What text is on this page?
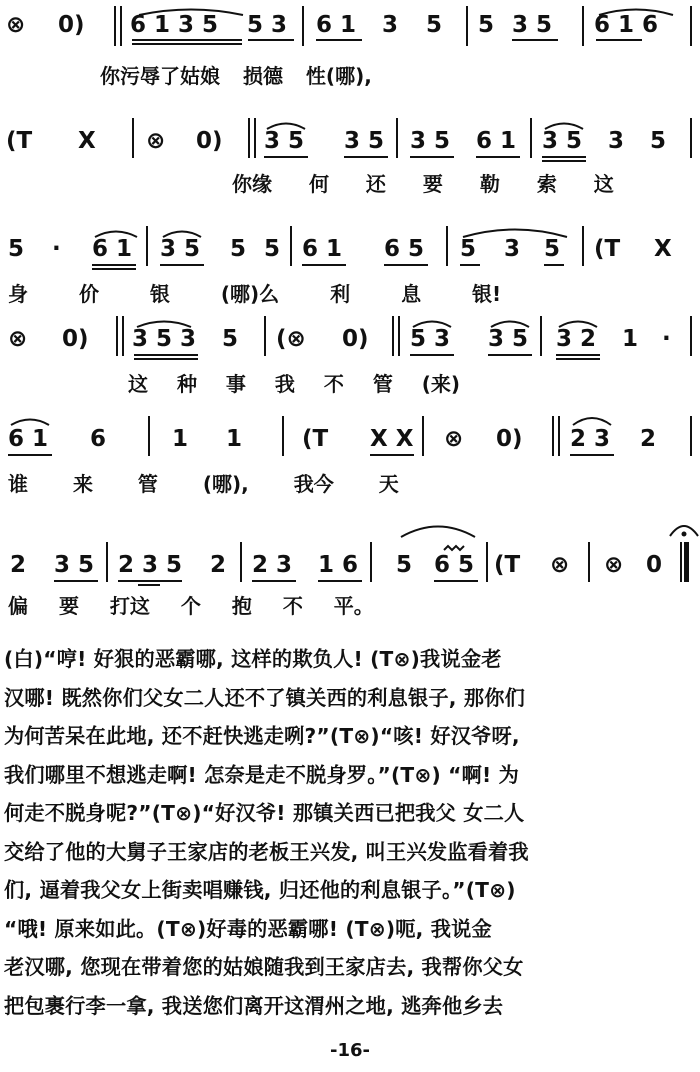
⊗ 0) 6 1 3 5 5 3 6 1 3 5 5 3 5 6 1 6
你污辱了姑娘 损德 性(哪),
(T X ⊗ 0) 3 5 3 5 3 5 6 1 3 5 3 5
你缘 何 还 要 勒 索 这
5 · 6 1 3 5 5 5 6 1 6 5 5 3 5 (T X
身 价 银 (哪)么 利 息 银!
⊗ 0) 3 5 3 5 (⊗ 0) 5 3 3 5 3 2 1 ·
这 种 事 我 不 管 (来)
6 1 6	1 1	(T X X ⊗ 0) 2 3 2
谁 来 管 (哪), 我今 天
2 3 5 2 3 5 2 2 3 1 6 5 6 5 (T ⊗ ⊗ 0
偏 要 打这 个 抱 不 平。
(白)“哼! 好狠的恶霸哪, 这样的欺负人! (T⊗)我说金老
汉哪! 既然你们父女二人还不了镇关西的利息银子, 那你们
为何苦呆在此地, 还不赶快逃走咧?”(T⊗)“咳! 好汉爷呀,
我们哪里不想逃走啊! 怎奈是走不脱身罗。”(T⊗) “啊! 为
何走不脱身呢?”(T⊗)“好汉爷! 那镇关西已把我父 女二人
交给了他的大舅子王家店的老板王兴发, 叫王兴发监看着我
们, 逼着我父女上街卖唱赚钱, 归还他的利息银子。”(T⊗)
“哦! 原来如此。(T⊗)好毒的恶霸哪! (T⊗)呃, 我说金
老汉哪, 您现在带着您的姑娘随我到王家店去, 我帮你父女
把包裹行李一拿, 我送您们离开这渭州之地, 逃奔他乡去
-16-
